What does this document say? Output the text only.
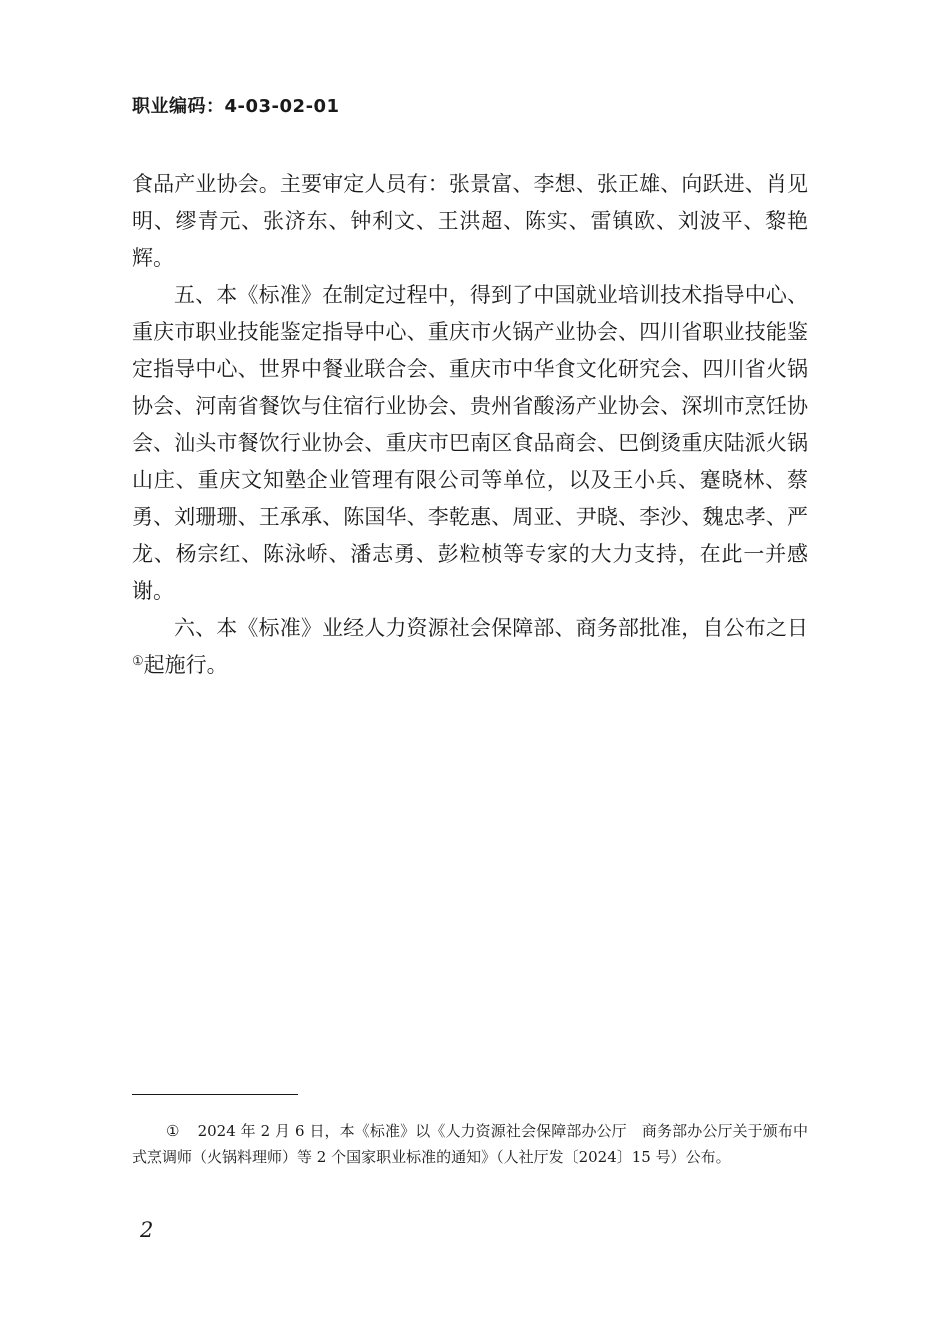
职业编码：4-03-02-01

食品产业协会。主要审定人员有：张景富、李想、张正雄、向跃进、肖见明、缪青元、张济东、钟利文、王洪超、陈实、雷镇欧、刘波平、黎艳辉。

五、本《标准》在制定过程中，得到了中国就业培训技术指导中心、重庆市职业技能鉴定指导中心、重庆市火锅产业协会、四川省职业技能鉴定指导中心、世界中餐业联合会、重庆市中华食文化研究会、四川省火锅协会、河南省餐饮与住宿行业协会、贵州省酸汤产业协会、深圳市烹饪协会、汕头市餐饮行业协会、重庆市巴南区食品商会、巴倒烫重庆陆派火锅山庄、重庆文知塾企业管理有限公司等单位，以及王小兵、蹇晓林、蔡勇、刘珊珊、王承承、陈国华、李乾惠、周亚、尹晓、李沙、魏忠孝、严龙、杨宗红、陈泳峤、潘志勇、彭粒桢等专家的大力支持，在此一并感谢。

六、本《标准》业经人力资源社会保障部、商务部批准，自公布之日①起施行。

① 2024 年 2 月 6 日，本《标准》以《人力资源社会保障部办公厅　商务部办公厅关于颁布中式烹调师（火锅料理师）等 2 个国家职业标准的通知》（人社厅发〔2024〕15 号）公布。
2
